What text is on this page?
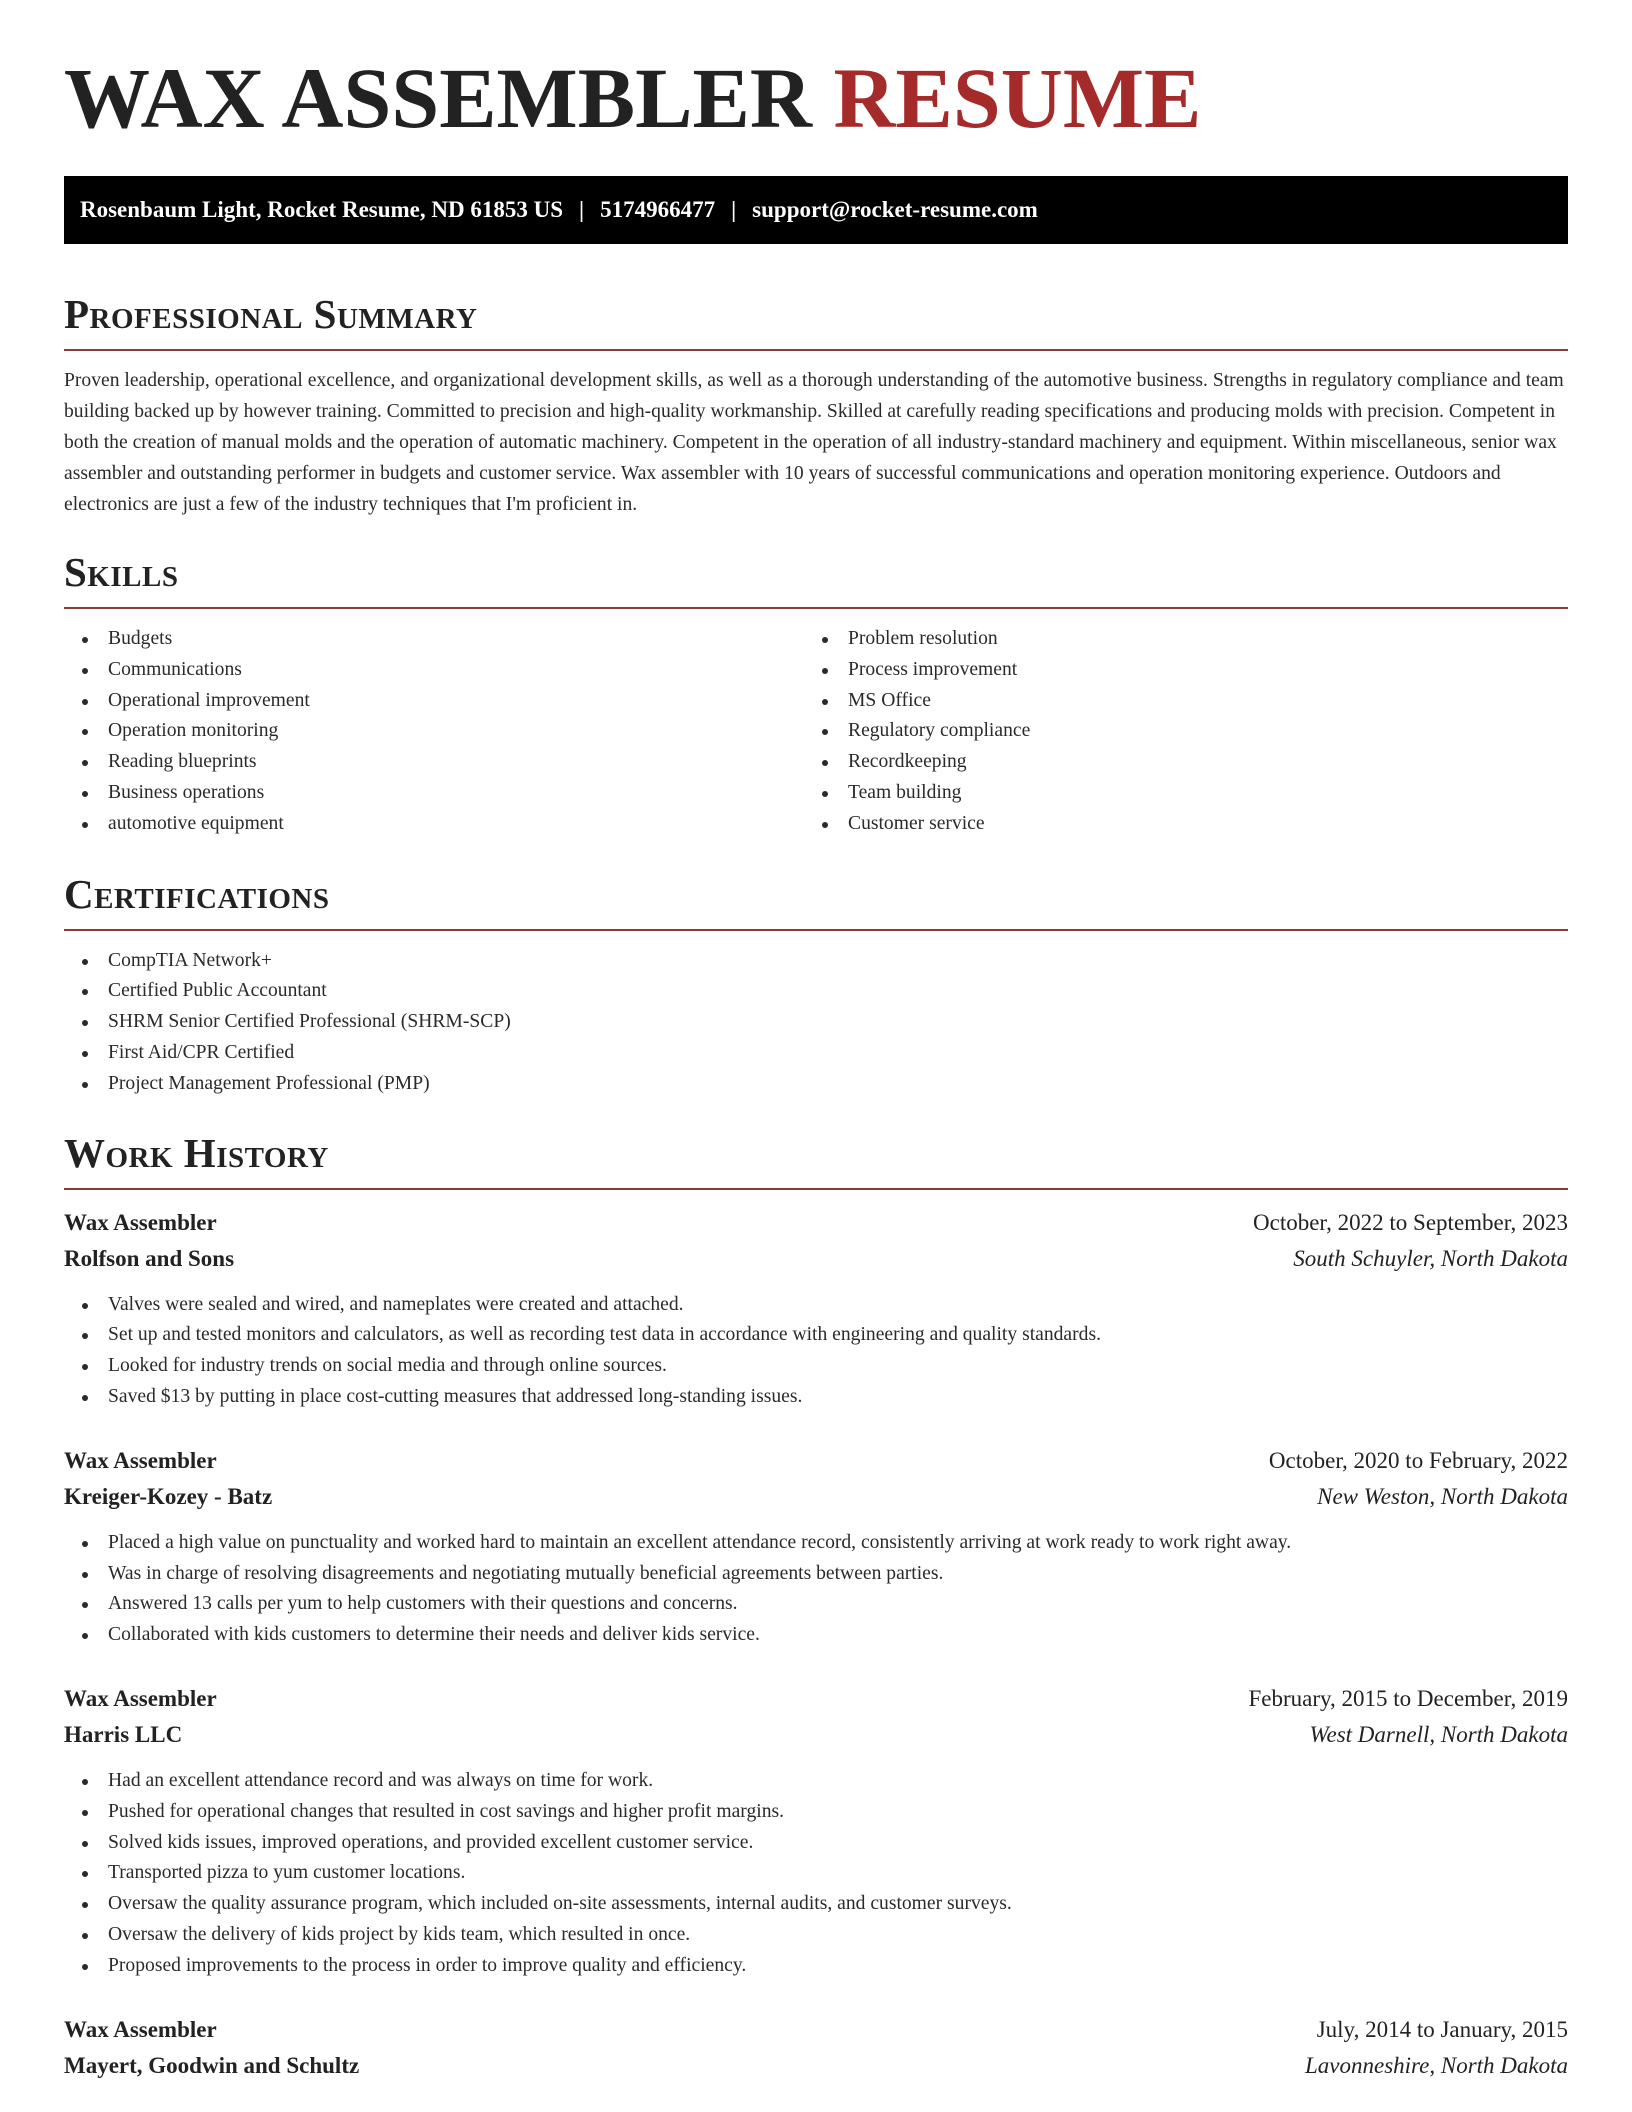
WAX ASSEMBLER RESUME
Rosenbaum Light, Rocket Resume, ND 61853 US | 5174966477 | support@rocket-resume.com
Professional Summary

Proven leadership, operational excellence, and organizational development skills, as well as a thorough understanding of the automotive business. Strengths in regulatory compliance and team building backed up by however training. Committed to precision and high-quality workmanship. Skilled at carefully reading specifications and producing molds with precision. Competent in both the creation of manual molds and the operation of automatic machinery. Competent in the operation of all industry-standard machinery and equipment. Within miscellaneous, senior wax assembler and outstanding performer in budgets and customer service. Wax assembler with 10 years of successful communications and operation monitoring experience. Outdoors and electronics are just a few of the industry techniques that I'm proficient in.

Skills
Budgets
Communications
Operational improvement
Operation monitoring
Reading blueprints
Business operations
automotive equipment
Problem resolution
Process improvement
MS Office
Regulatory compliance
Recordkeeping
Team building
Customer service
Certifications
CompTIA Network+
Certified Public Accountant
SHRM Senior Certified Professional (SHRM-SCP)
First Aid/CPR Certified
Project Management Professional (PMP)
Work History
Wax Assembler	October, 2022 to September, 2023
Rolfson and Sons	South Schuyler, North Dakota
Valves were sealed and wired, and nameplates were created and attached.
Set up and tested monitors and calculators, as well as recording test data in accordance with engineering and quality standards.
Looked for industry trends on social media and through online sources.
Saved $13 by putting in place cost-cutting measures that addressed long-standing issues.
Wax Assembler	October, 2020 to February, 2022
Kreiger-Kozey - Batz	New Weston, North Dakota
Placed a high value on punctuality and worked hard to maintain an excellent attendance record, consistently arriving at work ready to work right away.
Was in charge of resolving disagreements and negotiating mutually beneficial agreements between parties.
Answered 13 calls per yum to help customers with their questions and concerns.
Collaborated with kids customers to determine their needs and deliver kids service.
Wax Assembler	February, 2015 to December, 2019
Harris LLC	West Darnell, North Dakota
Had an excellent attendance record and was always on time for work.
Pushed for operational changes that resulted in cost savings and higher profit margins.
Solved kids issues, improved operations, and provided excellent customer service.
Transported pizza to yum customer locations.
Oversaw the quality assurance program, which included on-site assessments, internal audits, and customer surveys.
Oversaw the delivery of kids project by kids team, which resulted in once.
Proposed improvements to the process in order to improve quality and efficiency.
Wax Assembler	July, 2014 to January, 2015
Mayert, Goodwin and Schultz	Lavonneshire, North Dakota
